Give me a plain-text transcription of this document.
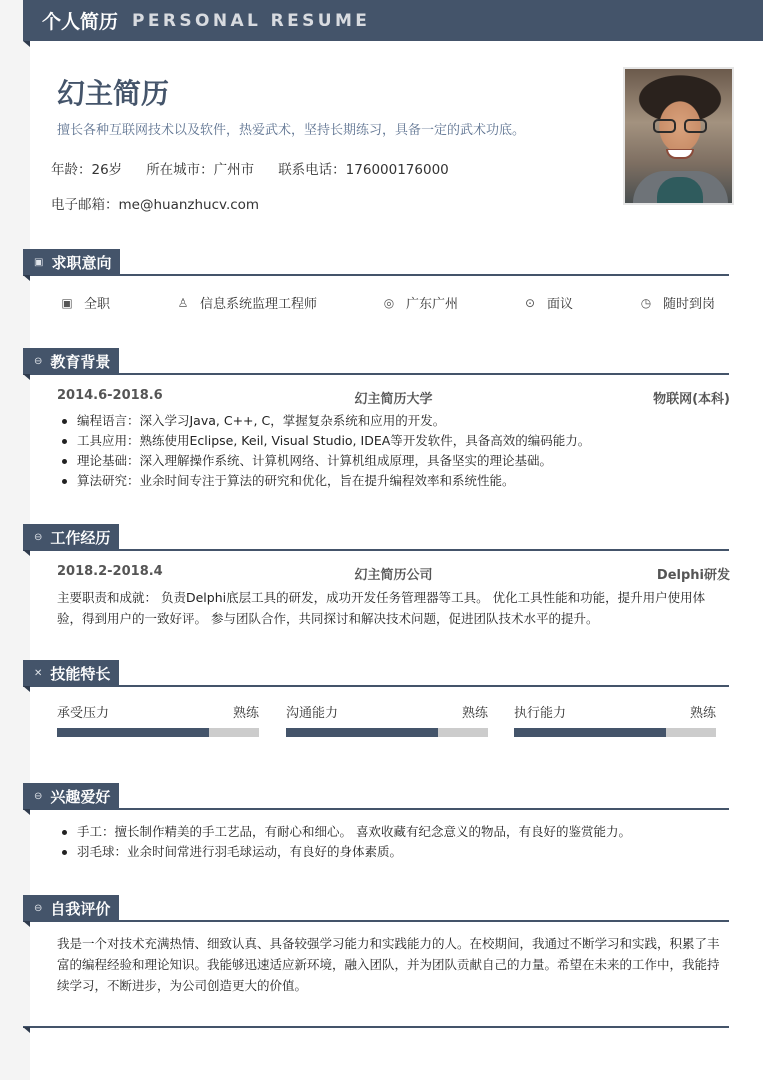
个人简历 PERSONAL RESUME
幻主简历
擅长各种互联网技术以及软件，热爱武术，坚持长期练习，具备一定的武术功底。
年龄：26岁 所在城市：广州市 联系电话：176000176000
电子邮箱：me@huanzhucv.com
▣ 求职意向
▣ 全职	♙ 信息系统监理工程师	◎ 广东广州	⊙ 面议	◷ 随时到岗
⊖ 教育背景
2014.6-2018.6	幻主简历大学	物联网(本科)
编程语言：深入学习Java, C++, C，掌握复杂系统和应用的开发。
工具应用：熟练使用Eclipse, Keil, Visual Studio, IDEA等开发软件，具备高效的编码能力。
理论基础：深入理解操作系统、计算机网络、计算机组成原理，具备坚实的理论基础。
算法研究：业余时间专注于算法的研究和优化，旨在提升编程效率和系统性能。
⊖ 工作经历
2018.2-2018.4	幻主简历公司	Delphi研发
主要职责和成就： 负责Delphi底层工具的研发，成功开发任务管理器等工具。 优化工具性能和功能，提升用户使用体验，得到用户的一致好评。 参与团队合作，共同探讨和解决技术问题，促进团队技术水平的提升。
✕ 技能特长
承受压力	熟练 沟通能力	熟练 执行能力	熟练
⊖ 兴趣爱好
手工：擅长制作精美的手工艺品，有耐心和细心。 喜欢收藏有纪念意义的物品，有良好的鉴赏能力。
羽毛球：业余时间常进行羽毛球运动，有良好的身体素质。
⊖ 自我评价
我是一个对技术充满热情、细致认真、具备较强学习能力和实践能力的人。在校期间，我通过不断学习和实践，积累了丰富的编程经验和理论知识。我能够迅速适应新环境，融入团队，并为团队贡献自己的力量。希望在未来的工作中，我能持续学习，不断进步，为公司创造更大的价值。
